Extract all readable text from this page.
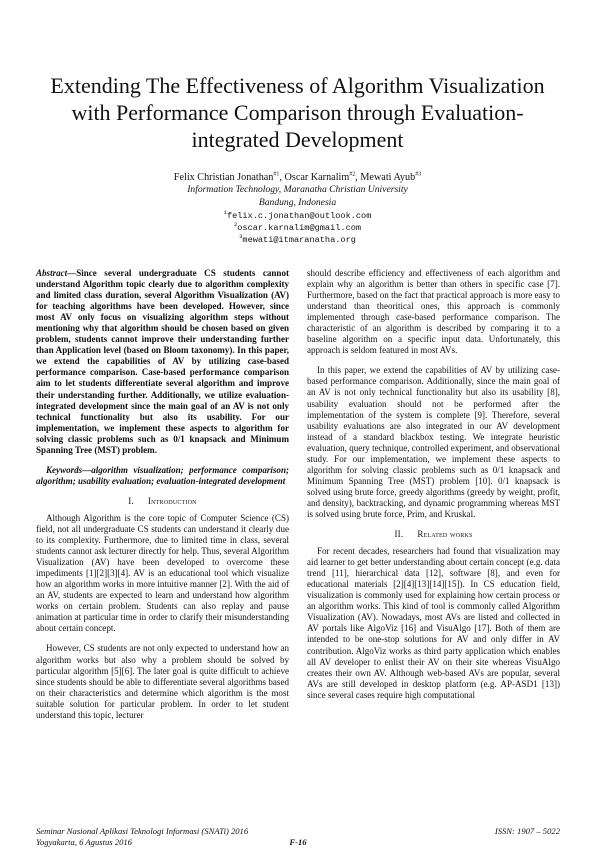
Extending The Effectiveness of Algorithm Visualization with Performance Comparison through Evaluation-integrated Development
Felix Christian Jonathan$^{\#1}$, Oscar Karnalim$^{\#2}$, Mewati Ayub$^{\#3}$
Information Technology, Maranatha Christian University
Bandung, Indonesia
$^1$felix.c.jonathan@outlook.com
$^2$oscar.karnalim@gmail.com
$^3$mewati@itmaranatha.org

Abstract—Since several undergraduate CS students cannot understand Algorithm topic clearly due to algorithm complexity and limited class duration, several Algorithm Visualization (AV) for teaching algorithms have been developed. However, since most AV only focus on visualizing algorithm steps without mentioning why that algorithm should be chosen based on given problem, students cannot improve their understanding further than Application level (based on Bloom taxonomy). In this paper, we extend the capabilities of AV by utilizing case-based performance comparison. Case-based performance comparison aim to let students differentiate several algorithm and improve their understanding further. Additionally, we utilize evaluation-integrated development since the main goal of an AV is not only technical functionality but also its usability. For our implementation, we implement these aspects to algorithm for solving classic problems such as 0/1 knapsack and Minimum Spanning Tree (MST) problem.

Keywords—algorithm visualization; performance comparison; algorithm; usability evaluation; evaluation-integrated development

I. Introduction

Although Algorithm is the core topic of Computer Science (CS) field, not all undergraduate CS students can understand it clearly due to its complexity. Furthermore, due to limited time in class, several students cannot ask lecturer directly for help. Thus, several Algorithm Visualization (AV) have been developed to overcome these impediments [1][2][3][4]. AV is an educational tool which visualize how an algorithm works in more intuitive manner [2]. With the aid of an AV, students are expected to learn and understand how algorithm works on certain problem. Students can also replay and pause animation at particular time in order to clarify their misunderstanding about certain concept.

However, CS students are not only expected to understand how an algorithm works but also why a problem should be solved by particular algorithm [5][6]. The later goal is quite difficult to achieve since students should be able to differentiate several algorithms based on their characteristics and determine which algorithm is the most suitable solution for particular problem. In order to let student understand this topic, lecturer

should describe efficiency and effectiveness of each algorithm and explain why an algorithm is better than others in specific case [7]. Furthermore, based on the fact that practical approach is more easy to understand than theoritical ones, this approach is commonly implemented through case-based performance comparison. The characteristic of an algorithm is described by comparing it to a baseline algorithm on a specific input data. Unfortunately, this approach is seldom featured in most AVs.

In this paper, we extend the capabilities of AV by utilizing case-based performance comparison. Additionally, since the main goal of an AV is not only technical functionality but also its usability [8], usability evaluation should not be performed after the implementation of the system is complete [9]. Therefore, several usability evaluations are also integrated in our AV development instead of a standard blackbox testing. We integrate heuristic evaluation, query technique, controlled experiment, and observational study. For our implementation, we implement these aspects to algorithm for solving classic problems such as 0/1 knapsack and Minimum Spanning Tree (MST) problem [10]. 0/1 knapsack is solved using brute force, greedy algorithms (greedy by weight, profit, and density), backtracking, and dynamic programming whereas MST is solved using brute force, Prim, and Kruskal.

II. Related works

For recent decades, researchers had found that visualization may aid learner to get better understanding about certain concept (e.g. data trend [11], hierarchical data [12], software [8], and even for educational materials [2][4][13][14][15]). In CS education field, visualization is commonly used for explaining how certain process or an algorithm works. This kind of tool is commonly called Algorithm Visualization (AV). Nowadays, most AVs are listed and collected in AV portals like AlgoViz [16] and VisuAlgo [17]. Both of them are intended to be one-stop solutions for AV and only differ in AV contribution. AlgoViz works as third party application which enables all AV developer to enlist their AV on their site whereas VisuAlgo creates their own AV. Although web-based AVs are popular, several AVs are still developed in desktop platform (e.g. AP-ASD1 [13]) since several cases require high computational

Seminar Nasional Aplikasi Teknologi Informasi (SNATi) 2016
Yogyakarta, 6 Agustus 2016
ISSN: 1907 – 5022
F-16
